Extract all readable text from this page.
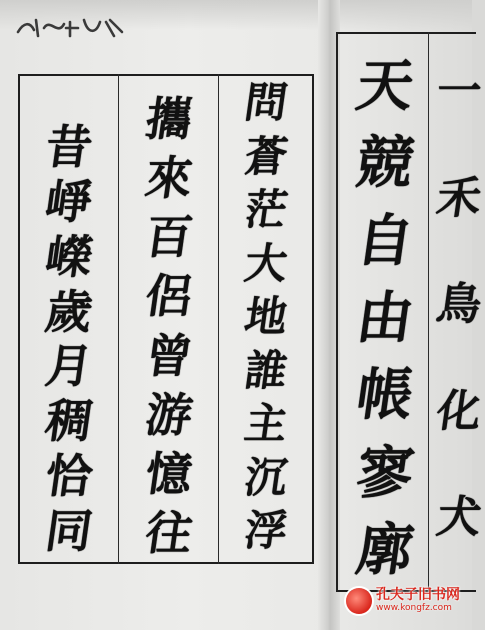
天
競
自
由
帳
寥
廓
一
禾
鳥
化
犬
問
蒼
茫
大
地
誰
主
沉
浮
攜
來
百
侶
曾
游
憶
往
昔
崢
嶸
歲
月
稠
恰
同
孔夫子旧书网
www.kongfz.com
